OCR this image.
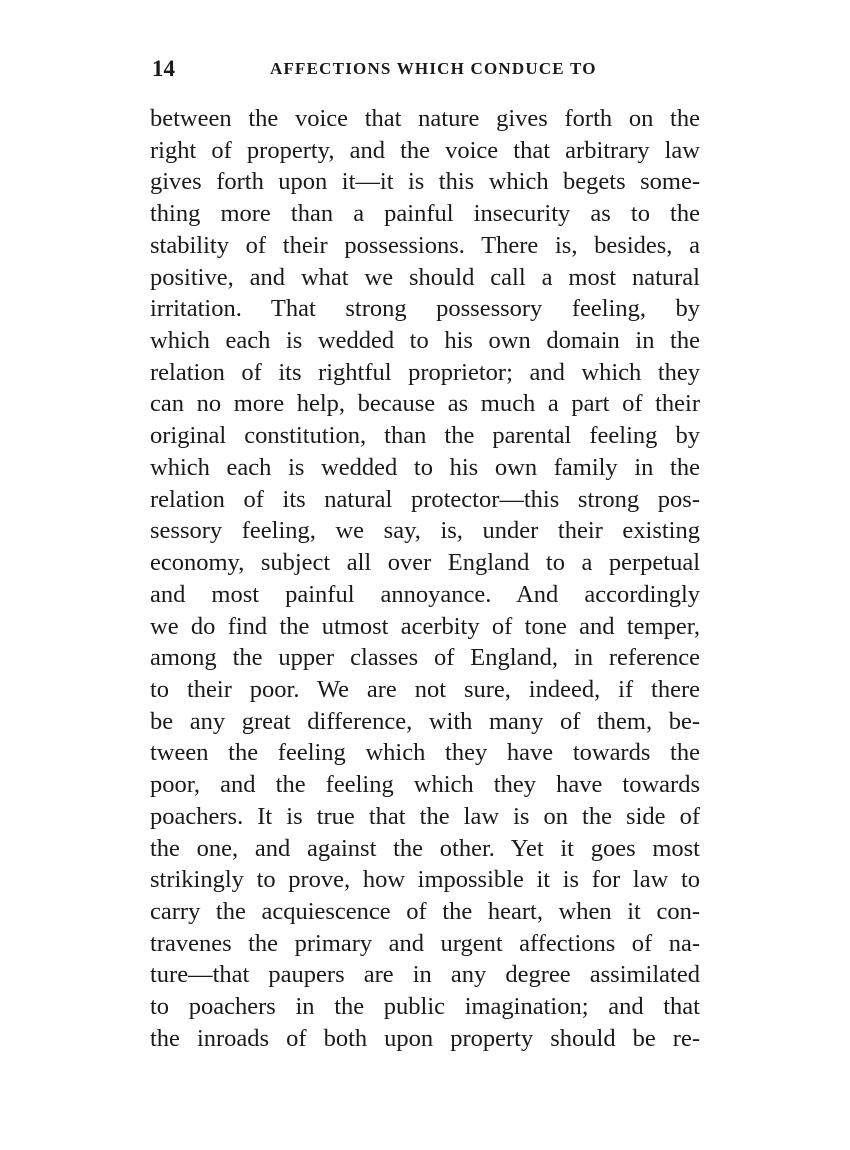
14	AFFECTIONS WHICH CONDUCE TO
between the voice that nature gives forth on the
right of property, and the voice that arbitrary law
gives forth upon it—it is this which begets some-
thing more than a painful insecurity as to the
stability of their possessions. There is, besides, a
positive, and what we should call a most natural
irritation. That strong possessory feeling, by
which each is wedded to his own domain in the
relation of its rightful proprietor; and which they
can no more help, because as much a part of their
original constitution, than the parental feeling by
which each is wedded to his own family in the
relation of its natural protector—this strong pos-
sessory feeling, we say, is, under their existing
economy, subject all over England to a perpetual
and most painful annoyance. And accordingly
we do find the utmost acerbity of tone and temper,
among the upper classes of England, in reference
to their poor. We are not sure, indeed, if there
be any great difference, with many of them, be-
tween the feeling which they have towards the
poor, and the feeling which they have towards
poachers. It is true that the law is on the side of
the one, and against the other. Yet it goes most
strikingly to prove, how impossible it is for law to
carry the acquiescence of the heart, when it con-
travenes the primary and urgent affections of na-
ture—that paupers are in any degree assimilated
to poachers in the public imagination; and that
the inroads of both upon property should be re-
